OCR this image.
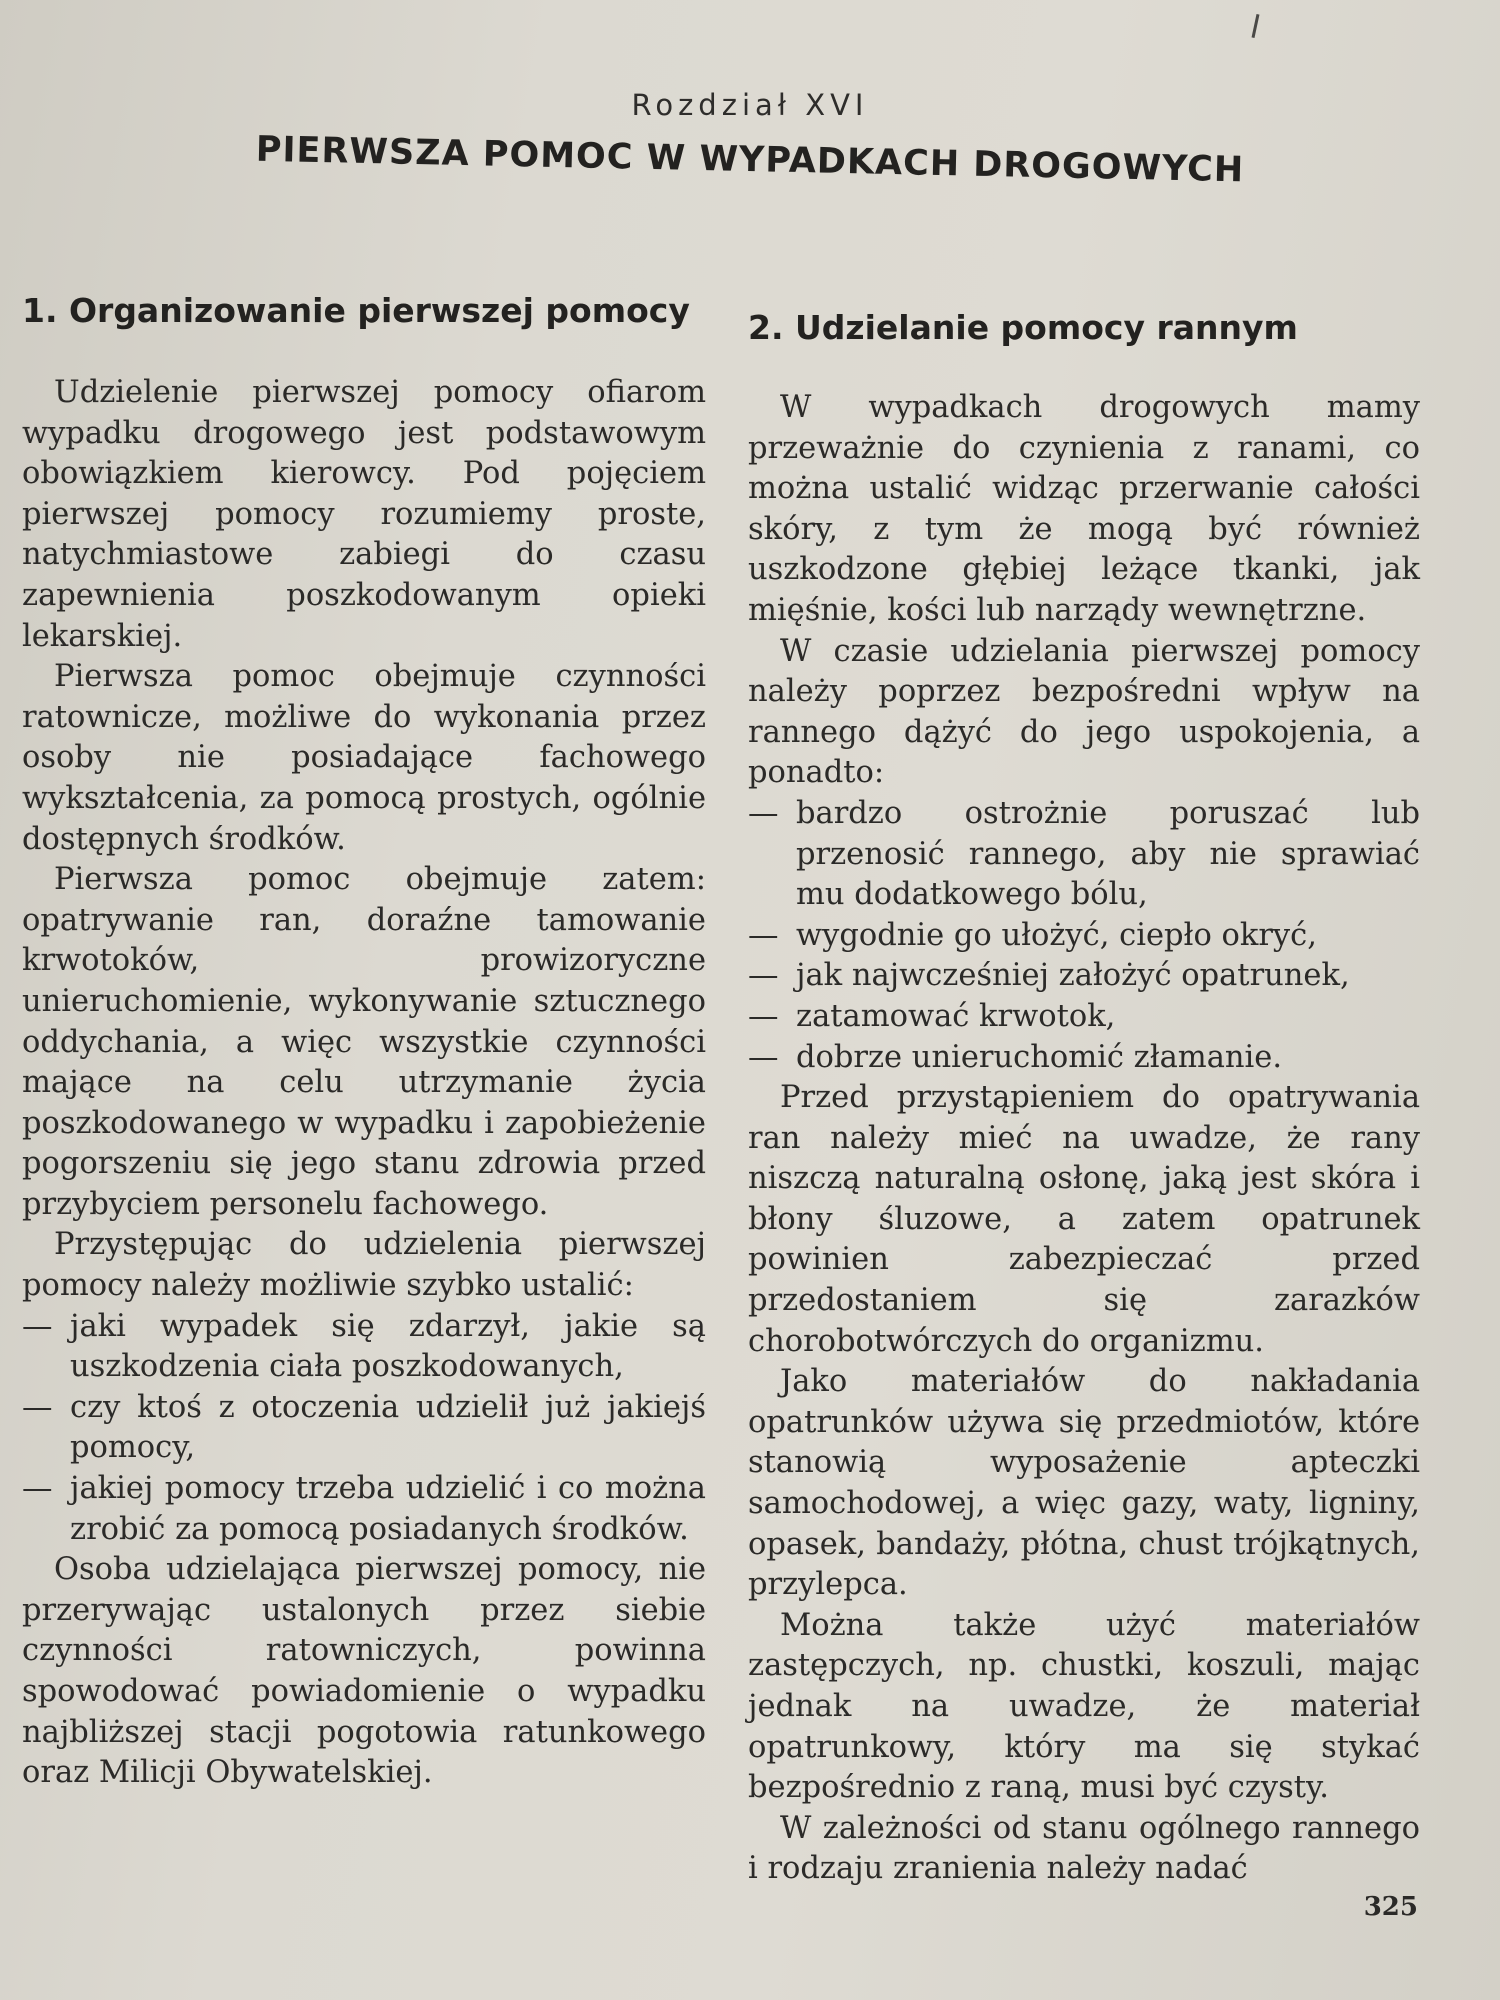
Rozdział XVI
PIERWSZA POMOC W WYPADKACH DROGOWYCH
1. Organizowanie pierwszej pomocy

Udzielenie pierwszej pomocy ofiarom wypadku drogowego jest podstawowym obowiązkiem kierowcy. Pod pojęciem pierwszej pomocy rozumiemy proste, natychmiastowe zabiegi do czasu zapewnienia poszkodowanym opieki lekarskiej.

Pierwsza pomoc obejmuje czynności ratownicze, możliwe do wykonania przez osoby nie posiadające fachowego wykształcenia, za pomocą prostych, ogólnie dostępnych środków.

Pierwsza pomoc obejmuje zatem: opatrywanie ran, doraźne tamowanie krwotoków, prowizoryczne unieruchomienie, wykonywanie sztucznego oddychania, a więc wszystkie czynności mające na celu utrzymanie życia poszkodowanego w wypadku i zapobieżenie pogorszeniu się jego stanu zdrowia przed przybyciem personelu fachowego.

Przystępując do udzielenia pierwszej pomocy należy możliwie szybko ustalić:

— jaki wypadek się zdarzył, jakie są uszkodzenia ciała poszkodowanych,
— czy ktoś z otoczenia udzielił już jakiejś pomocy,
— jakiej pomocy trzeba udzielić i co można zrobić za pomocą posiadanych środków.

Osoba udzielająca pierwszej pomocy, nie przerywając ustalonych przez siebie czynności ratowniczych, powinna spowodować powiadomienie o wypadku najbliższej stacji pogotowia ratunkowego oraz Milicji Obywatelskiej.

2. Udzielanie pomocy rannym

W wypadkach drogowych mamy przeważnie do czynienia z ranami, co można ustalić widząc przerwanie całości skóry, z tym że mogą być również uszkodzone głębiej leżące tkanki, jak mięśnie, kości lub narządy wewnętrzne.

W czasie udzielania pierwszej pomocy należy poprzez bezpośredni wpływ na rannego dążyć do jego uspokojenia, a ponadto:

— bardzo ostrożnie poruszać lub przenosić rannego, aby nie sprawiać mu dodatkowego bólu,
— wygodnie go ułożyć, ciepło okryć,
— jak najwcześniej założyć opatrunek,
— zatamować krwotok,
— dobrze unieruchomić złamanie.

Przed przystąpieniem do opatrywania ran należy mieć na uwadze, że rany niszczą naturalną osłonę, jaką jest skóra i błony śluzowe, a zatem opatrunek powinien zabezpieczać przed przedostaniem się zarazków chorobotwórczych do organizmu.

Jako materiałów do nakładania opatrunków używa się przedmiotów, które stanowią wyposażenie apteczki samochodowej, a więc gazy, waty, ligniny, opasek, bandaży, płótna, chust trójkątnych, przylepca.

Można także użyć materiałów zastępczych, np. chustki, koszuli, mając jednak na uwadze, że materiał opatrunkowy, który ma się stykać bezpośrednio z raną, musi być czysty.

W zależności od stanu ogólnego rannego i rodzaju zranienia należy nadać

325
